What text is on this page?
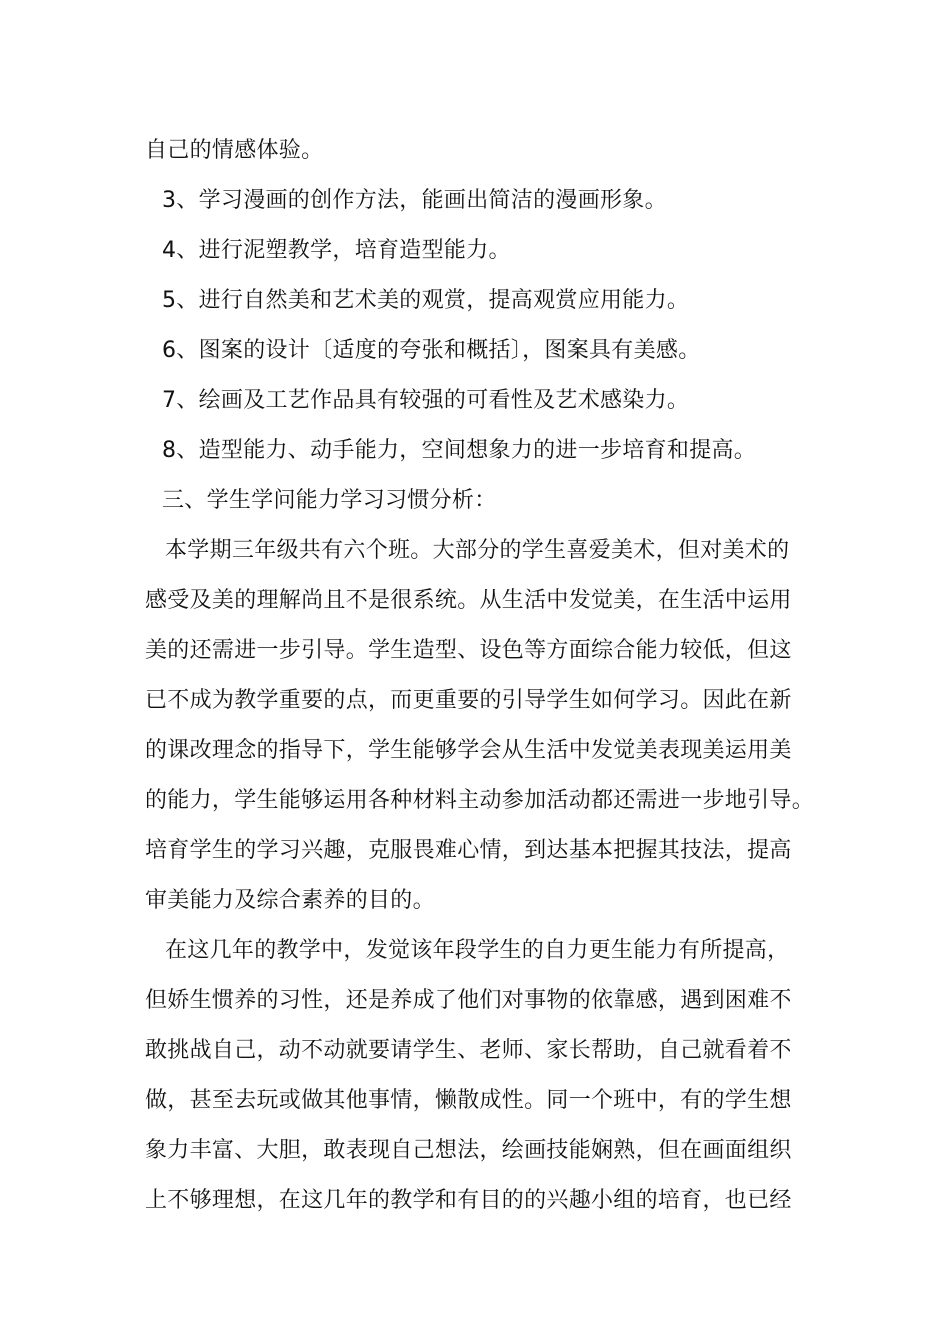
自己的情感体验。
3、学习漫画的创作方法，能画出简洁的漫画形象。
4、进行泥塑教学，培育造型能力。
5、进行自然美和艺术美的观赏，提高观赏应用能力。
6、图案的设计〔适度的夸张和概括〕，图案具有美感。
7、绘画及工艺作品具有较强的可看性及艺术感染力。
8、造型能力、动手能力，空间想象力的进一步培育和提高。
三、学生学问能力学习习惯分析：
本学期三年级共有六个班。大部分的学生喜爱美术，但对美术的
感受及美的理解尚且不是很系统。从生活中发觉美，在生活中运用
美的还需进一步引导。学生造型、设色等方面综合能力较低，但这
已不成为教学重要的点，而更重要的引导学生如何学习。因此在新
的课改理念的指导下，学生能够学会从生活中发觉美表现美运用美
的能力，学生能够运用各种材料主动参加活动都还需进一步地引导。
培育学生的学习兴趣，克服畏难心情，到达基本把握其技法，提高
审美能力及综合素养的目的。
在这几年的教学中，发觉该年段学生的自力更生能力有所提高，
但娇生惯养的习性，还是养成了他们对事物的依靠感，遇到困难不
敢挑战自己，动不动就要请学生、老师、家长帮助，自己就看着不
做，甚至去玩或做其他事情，懒散成性。同一个班中，有的学生想
象力丰富、大胆，敢表现自己想法，绘画技能娴熟，但在画面组织
上不够理想，在这几年的教学和有目的的兴趣小组的培育，也已经
